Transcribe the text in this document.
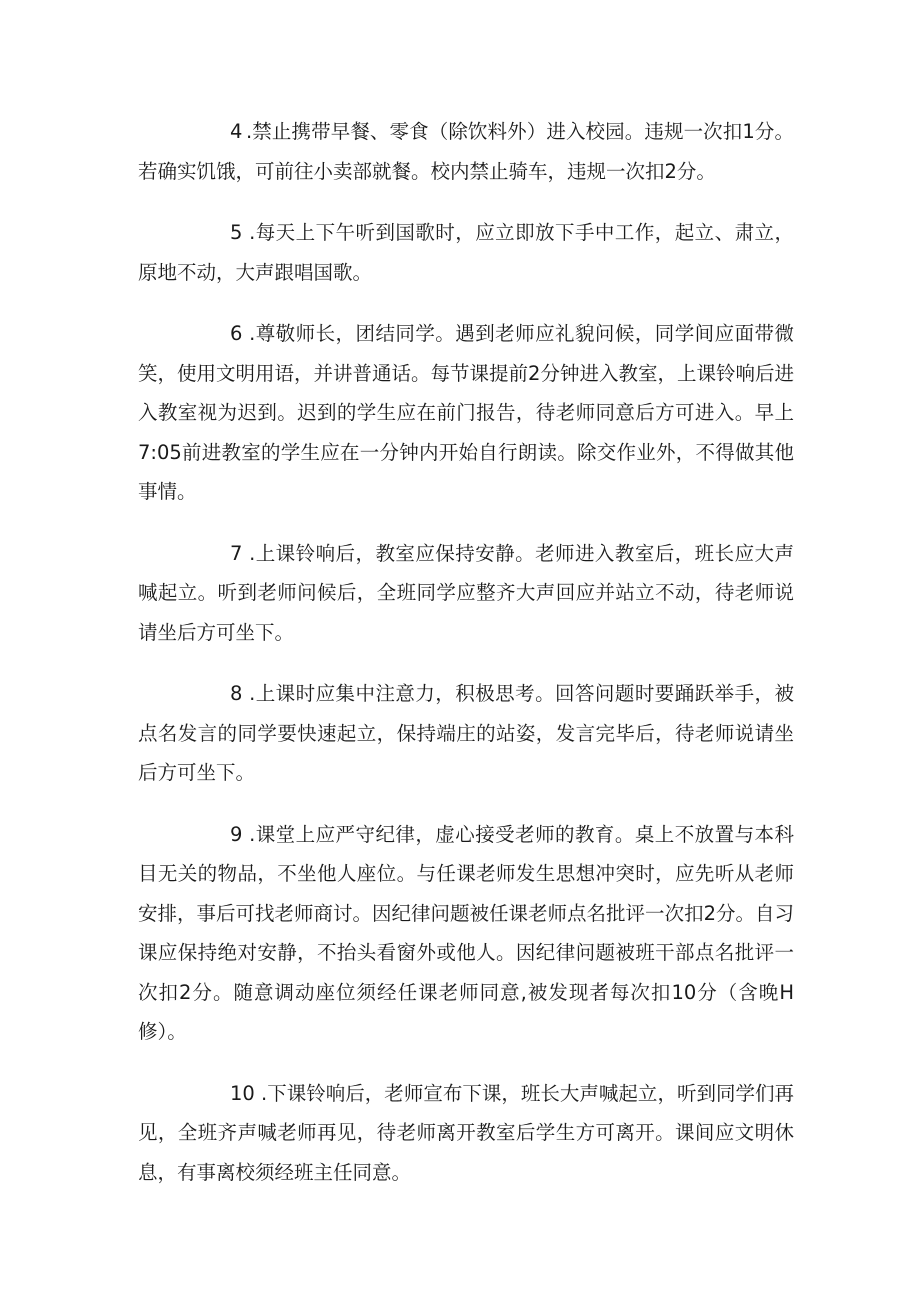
4 .禁止携带早餐、零食（除饮料外）进入校园。违规一次扣1分。若确实饥饿，可前往小卖部就餐。校内禁止骑车，违规一次扣2分。

5 .每天上下午听到国歌时，应立即放下手中工作，起立、肃立，原地不动，大声跟唱国歌。

6 .尊敬师长，团结同学。遇到老师应礼貌问候，同学间应面带微笑，使用文明用语，并讲普通话。每节课提前2分钟进入教室，上课铃响后进入教室视为迟到。迟到的学生应在前门报告，待老师同意后方可进入。早上7:05前进教室的学生应在一分钟内开始自行朗读。除交作业外，不得做其他事情。

7 .上课铃响后，教室应保持安静。老师进入教室后，班长应大声喊起立。听到老师问候后，全班同学应整齐大声回应并站立不动，待老师说请坐后方可坐下。

8 .上课时应集中注意力，积极思考。回答问题时要踊跃举手，被点名发言的同学要快速起立，保持端庄的站姿，发言完毕后，待老师说请坐后方可坐下。

9 .课堂上应严守纪律，虚心接受老师的教育。桌上不放置与本科目无关的物品，不坐他人座位。与任课老师发生思想冲突时，应先听从老师安排，事后可找老师商讨。因纪律问题被任课老师点名批评一次扣2分。自习课应保持绝对安静，不抬头看窗外或他人。因纪律问题被班干部点名批评一次扣2分。随意调动座位须经任课老师同意,被发现者每次扣10分（含晚H修）。

10 .下课铃响后，老师宣布下课，班长大声喊起立，听到同学们再见，全班齐声喊老师再见，待老师离开教室后学生方可离开。课间应文明休息，有事离校须经班主任同意。
